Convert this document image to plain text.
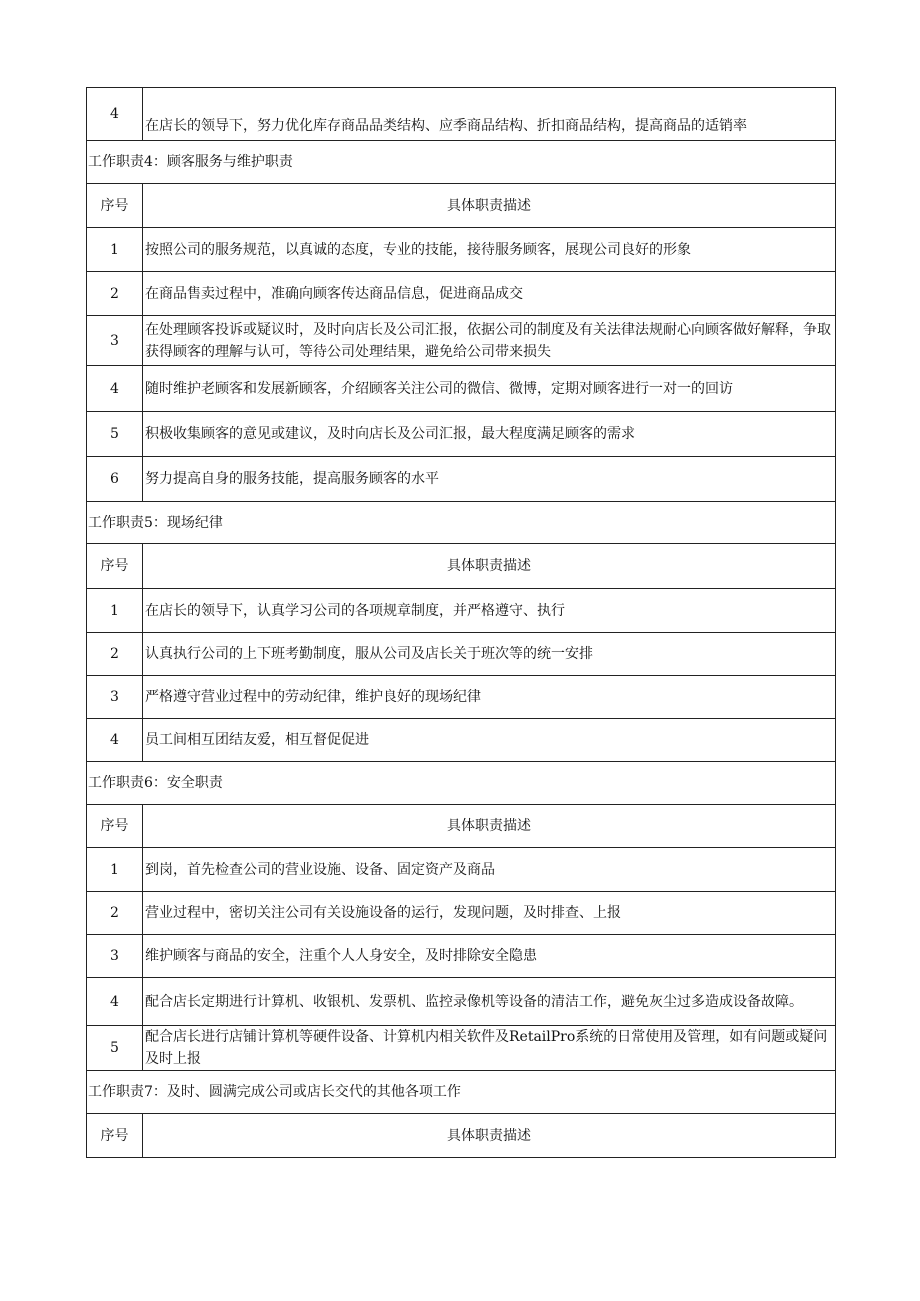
4	在店长的领导下，努力优化库存商品品类结构、应季商品结构、折扣商品结构，提高商品的适销率
工作职责4：顾客服务与维护职责	
序号	具体职责描述
1	按照公司的服务规范，以真诚的态度，专业的技能，接待服务顾客，展现公司良好的形象
2	在商品售卖过程中，准确向顾客传达商品信息，促进商品成交
3	在处理顾客投诉或疑议时，及时向店长及公司汇报，依据公司的制度及有关法律法规耐心向顾客做好解释，争取获得顾客的理解与认可，等待公司处理结果，避免给公司带来损失
4	随时维护老顾客和发展新顾客，介绍顾客关注公司的微信、微博，定期对顾客进行一对一的回访
5	积极收集顾客的意见或建议，及时向店长及公司汇报，最大程度满足顾客的需求
6	努力提高自身的服务技能，提高服务顾客的水平
工作职责5：现场纪律	
序号	具体职责描述
1	在店长的领导下，认真学习公司的各项规章制度，并严格遵守、执行
2	认真执行公司的上下班考勤制度，服从公司及店长关于班次等的统一安排
3	严格遵守营业过程中的劳动纪律，维护良好的现场纪律
4	员工间相互团结友爱，相互督促促进
工作职责6：安全职责	
序号	具体职责描述
1	到岗，首先检查公司的营业设施、设备、固定资产及商品
2	营业过程中，密切关注公司有关设施设备的运行，发现问题，及时排查、上报
3	维护顾客与商品的安全，注重个人人身安全，及时排除安全隐患
4	配合店长定期进行计算机、收银机、发票机、监控录像机等设备的清洁工作，避免灰尘过多造成设备故障。
5	配合店长进行店铺计算机等硬件设备、计算机内相关软件及RetailPro系统的日常使用及管理，如有问题或疑问及时上报
工作职责7：及时、圆满完成公司或店长交代的其他各项工作	
序号	具体职责描述
